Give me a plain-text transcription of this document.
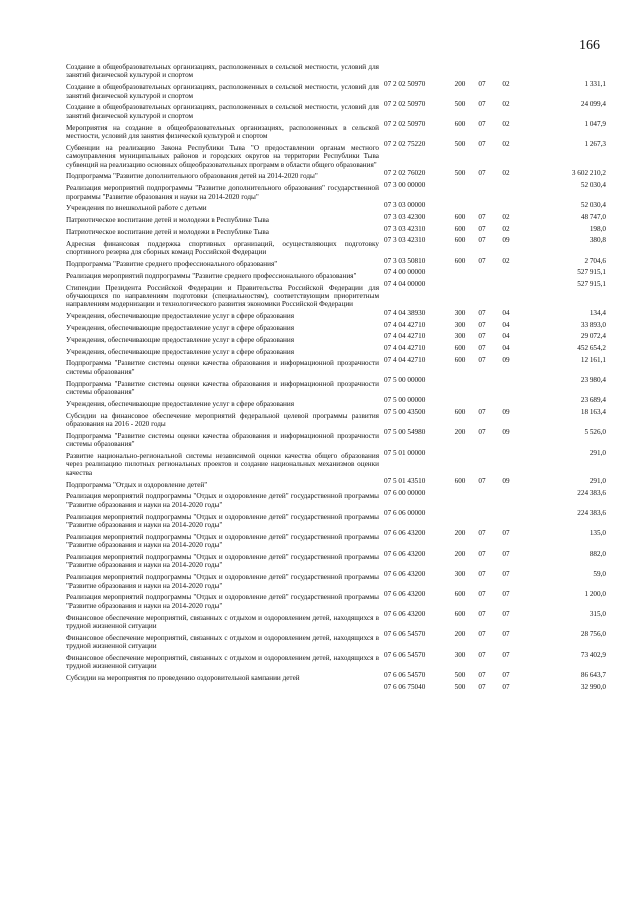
166
Создание в общеобразовательных организациях, расположенных в сельской местности, условий для занятий физической культурой и спортом
07 2 02 50970	200	07	02	1 331,1
Создание в общеобразовательных организациях, расположенных в сельской местности, условий для занятий физической культурой и спортом
07 2 02 50970	500	07	02	24 099,4
Создание в общеобразовательных организациях, расположенных в сельской местности, условий для занятий физической культурой и спортом
07 2 02 50970	600	07	02	1 047,9
Мероприятия на создание в общеобразовательных организациях, расположенных в сельской местности, условий для занятия физической культурой и спортом
07 2 02 75220	500	07	02	1 267,3
Субвенции на реализацию Закона Республики Тыва "О предоставлении органам местного самоуправления муниципальных районов и городских округов на территории Республики Тыва субвенций на реализацию основных общеобразовательных программ в области общего образования"
07 2 02 76020	500	07	02	3 602 210,2
Подпрограмма "Развитие дополнительного образования детей на 2014-2020 годы"
07 3 00 00000	52 030,4
Реализация мероприятий подпрограммы "Развитие дополнительного образования" государственной программы "Развитие образования и науки на 2014-2020 годы"
07 3 03 00000	52 030,4
Учреждения по внешкольной работе с детьми
07 3 03 42300	600	07	02	48 747,0
Патриотическое воспитание детей и молодежи в Республике Тыва
07 3 03 42310	600	07	02	198,0
Патриотическое воспитание детей и молодежи в Республике Тыва
07 3 03 42310	600	07	09	380,8
Адресная финансовая поддержка спортивных организаций, осуществляющих подготовку спортивного резерва для сборных команд Российской Федерации
07 3 03 50810	600	07	02	2 704,6
Подпрограмма "Развитие среднего профессионального образования"
07 4 00 00000	527 915,1
Реализация мероприятий подпрограммы "Развитие среднего профессионального образования"
07 4 04 00000	527 915,1
Стипендии Президента Российской Федерации и Правительства Российской Федерации для обучающихся по направлениям подготовки (специальностям), соответствующим приоритетным направлениям модернизации и технологического развития экономики Российской Федерации
07 4 04 38930	300	07	04	134,4
Учреждения, обеспечивающие предоставление услуг в сфере образования
07 4 04 42710	300	07	04	33 893,0
Учреждения, обеспечивающие предоставление услуг в сфере образования
07 4 04 42710	300	07	04	29 072,4
Учреждения, обеспечивающие предоставление услуг в сфере образования
07 4 04 42710	600	07	04	452 654,2
Учреждения, обеспечивающие предоставление услуг в сфере образования
07 4 04 42710	600	07	09	12 161,1
Подпрограмма "Развитие системы оценки качества образования и информационной прозрачности системы образования"
07 5 00 00000	23 980,4
Подпрограмма "Развитие системы оценки качества образования и информационной прозрачности системы образования"
07 5 00 00000	23 689,4
Учреждения, обеспечивающие предоставление услуг в сфере образования
07 5 00 43500	600	07	09	18 163,4
Субсидии на финансовое обеспечение мероприятий федеральной целевой программы развития образования на 2016 - 2020 годы
07 5 00 54980	200	07	09	5 526,0
Подпрограмма "Развитие системы оценки качества образования и информационной прозрачности системы образования"
07 5 01 00000	291,0
Развитие национально-региональной системы независимой оценки качества общего образования через реализацию пилотных региональных проектов и создание национальных механизмов оценки качества
07 5 01 43510	600	07	09	291,0
Подпрограмма "Отдых и оздоровление детей"
07 6 00 00000	224 383,6
Реализация мероприятий подпрограммы "Отдых и оздоровление детей" государственной программы "Развитие образования и науки на 2014-2020 годы"
07 6 06 00000	224 383,6
Реализация мероприятий подпрограммы "Отдых и оздоровление детей" государственной программы "Развитие образования и науки на 2014-2020 годы"
07 6 06 43200	200	07	07	135,0
Реализация мероприятий подпрограммы "Отдых и оздоровление детей" государственной программы "Развитие образования и науки на 2014-2020 годы"
07 6 06 43200	200	07	07	882,0
Реализация мероприятий подпрограммы "Отдых и оздоровление детей" государственной программы "Развитие образования и науки на 2014-2020 годы"
07 6 06 43200	300	07	07	59,0
Реализация мероприятий подпрограммы "Отдых и оздоровление детей" государственной программы "Развитие образования и науки на 2014-2020 годы"
07 6 06 43200	600	07	07	1 200,0
Реализация мероприятий подпрограммы "Отдых и оздоровление детей" государственной программы "Развитие образования и науки на 2014-2020 годы"
07 6 06 43200	600	07	07	315,0
Финансовое обеспечение мероприятий, связанных с отдыхом и оздоровлением детей, находящихся в трудной жизненной ситуации
07 6 06 54570	200	07	07	28 756,0
Финансовое обеспечение мероприятий, связанных с отдыхом и оздоровлением детей, находящихся в трудной жизненной ситуации
07 6 06 54570	300	07	07	73 402,9
Финансовое обеспечение мероприятий, связанных с отдыхом и оздоровлением детей, находящихся в трудной жизненной ситуации
07 6 06 54570	500	07	07	86 643,7
Субсидии на мероприятия по проведению оздоровительной кампании детей
07 6 06 75040	500	07	07	32 990,0
